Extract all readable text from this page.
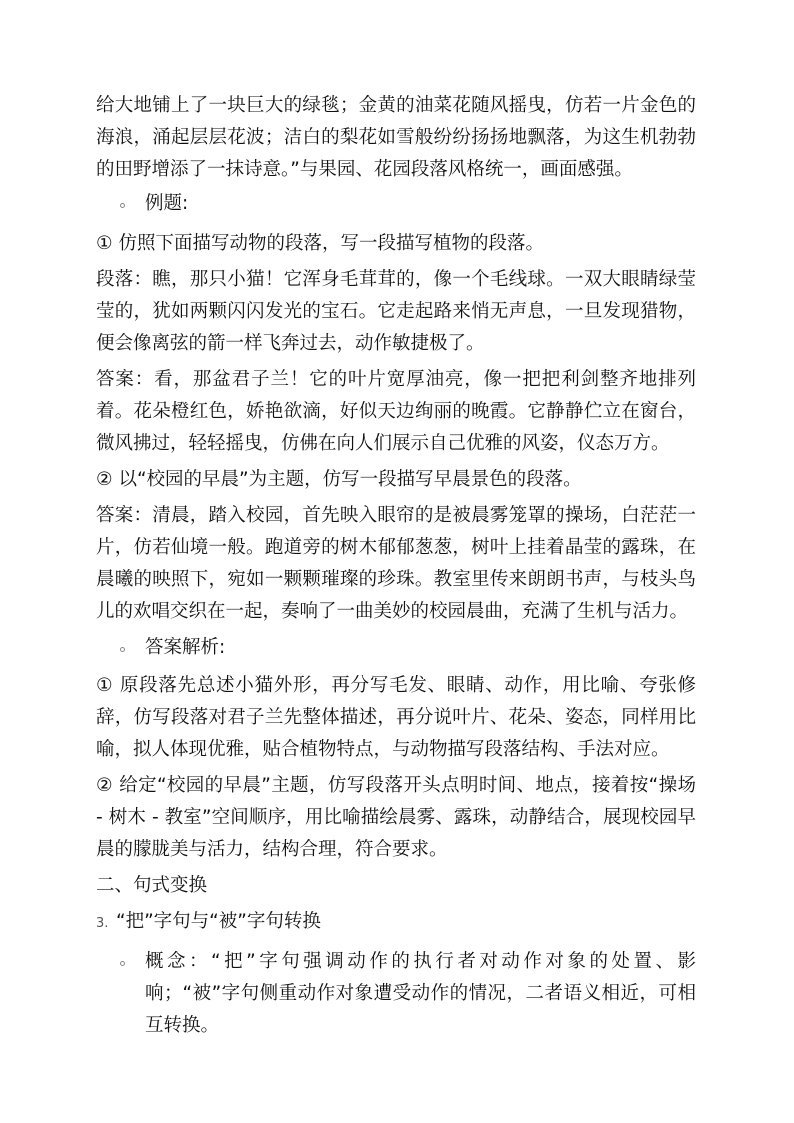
给大地铺上了一块巨大的绿毯；金黄的油菜花随风摇曳，仿若一片金色的海浪，涌起层层花波；洁白的梨花如雪般纷纷扬扬地飘落，为这生机勃勃的田野增添了一抹诗意。”与果园、花园段落风格统一，画面感强。

例题:

① 仿照下面描写动物的段落，写一段描写植物的段落。

段落：瞧，那只小猫！它浑身毛茸茸的，像一个毛线球。一双大眼睛绿莹莹的，犹如两颗闪闪发光的宝石。它走起路来悄无声息，一旦发现猎物，便会像离弦的箭一样飞奔过去，动作敏捷极了。

答案：看，那盆君子兰！它的叶片宽厚油亮，像一把把利剑整齐地排列着。花朵橙红色，娇艳欲滴，好似天边绚丽的晚霞。它静静伫立在窗台，微风拂过，轻轻摇曳，仿佛在向人们展示自己优雅的风姿，仪态万方。

② 以“校园的早晨”为主题，仿写一段描写早晨景色的段落。

答案：清晨，踏入校园，首先映入眼帘的是被晨雾笼罩的操场，白茫茫一片，仿若仙境一般。跑道旁的树木郁郁葱葱，树叶上挂着晶莹的露珠，在晨曦的映照下，宛如一颗颗璀璨的珍珠。教室里传来朗朗书声，与枝头鸟儿的欢唱交织在一起，奏响了一曲美妙的校园晨曲，充满了生机与活力。

答案解析:

① 原段落先总述小猫外形，再分写毛发、眼睛、动作，用比喻、夸张修辞，仿写段落对君子兰先整体描述，再分说叶片、花朵、姿态，同样用比喻，拟人体现优雅，贴合植物特点，与动物描写段落结构、手法对应。

② 给定“校园的早晨”主题，仿写段落开头点明时间、地点，接着按“操场 - 树木 - 教室”空间顺序，用比喻描绘晨雾、露珠，动静结合，展现校园早晨的朦胧美与活力，结构合理，符合要求。

二、句式变换

3. “把”字句与“被”字句转换

概念：“把”字句强调动作的执行者对动作对象的处置、影响；“被”字句侧重动作对象遭受动作的情况，二者语义相近，可相互转换。
